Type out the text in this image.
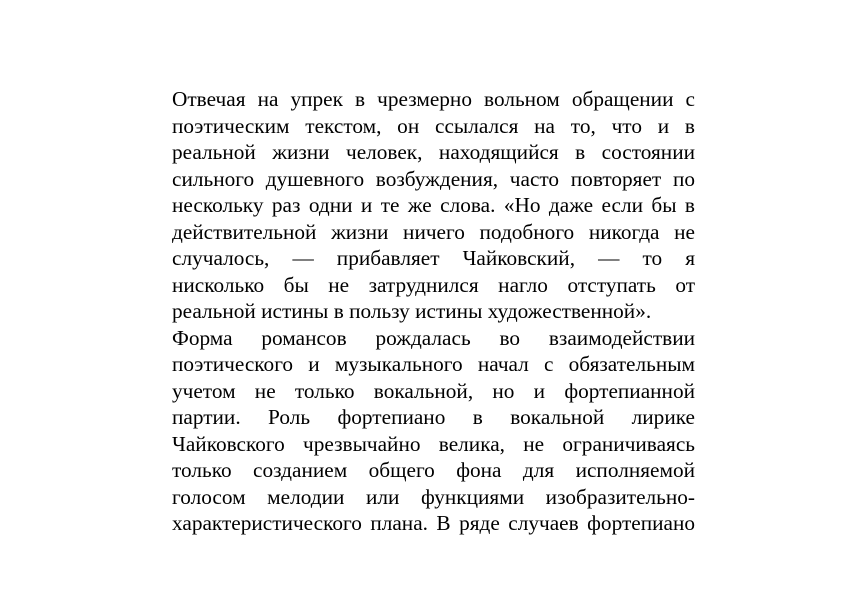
Отвечая на упрек в чрезмерно вольном обращении с
поэтическим текстом, он ссылался на то, что и в
реальной жизни человек, находящийся в состоянии
сильного душевного возбуждения, часто повторяет по
нескольку раз одни и те же слова. «Но даже если бы в
действительной жизни ничего подобного никогда не
случалось, — прибавляет Чайковский, — то я
нисколько бы не затруднился нагло отступать от
реальной истины в пользу истины художественной».
Форма романсов рождалась во взаимодействии
поэтического и музыкального начал с обязательным
учетом не только вокальной, но и фортепианной
партии. Роль фортепиано в вокальной лирике
Чайковского чрезвычайно велика, не ограничиваясь
только созданием общего фона для исполняемой
голосом мелодии или функциями изобразительно-
характеристического плана. В ряде случаев фортепиано
